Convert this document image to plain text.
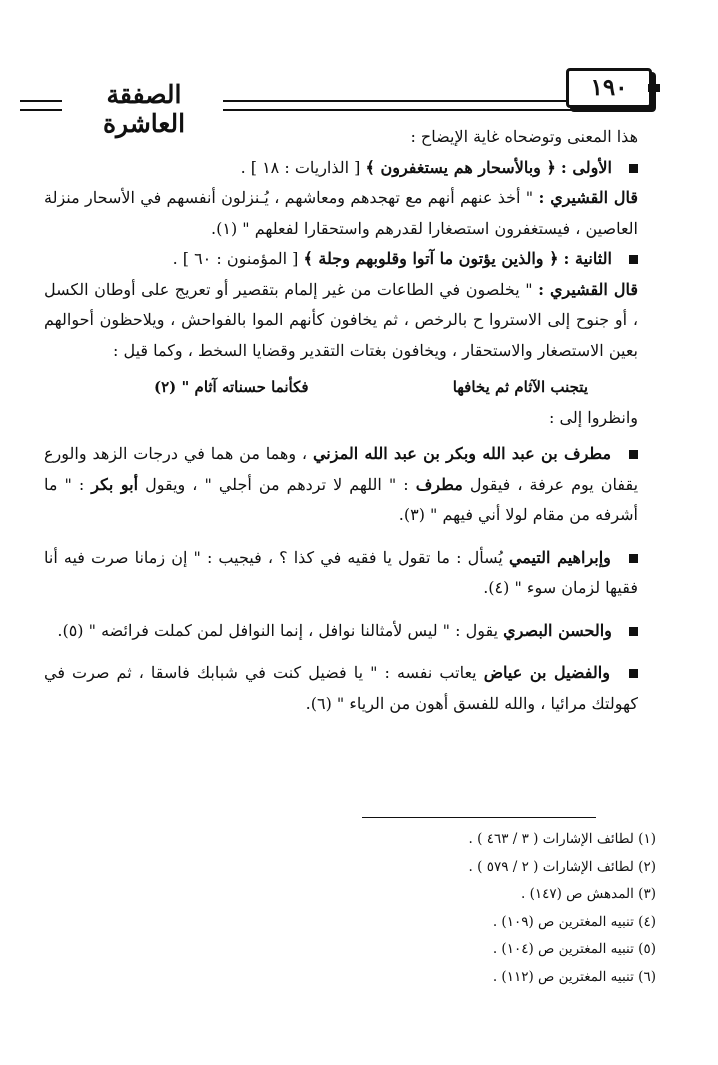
الصفقة العاشرة
١٩٠

هذا المعنى وتوضحاه غاية الإيضاح :

الأولى : ﴿ وبالأسحار هم يستغفرون ﴾ [ الذاريات : ١٨ ] .

قال القشيري : " أخذ عنهم أنهم مع تهجدهم ومعاشهم ، يُـنزلون أنفسهم في الأسحار منزلة العاصين ، فيستغفرون استصغارا لقدرهم واستحقارا لفعلهم " (١).

الثانية : ﴿ والذين يؤتون ما آتوا وقلوبهم وجلة ﴾ [ المؤمنون : ٦٠ ] .

قال القشيري : " يخلصون في الطاعات من غير إلمام بتقصير أو تعريج على أوطان الكسل ، أو جنوح إلى الاستروا ح بالرخص ، ثم يخافون كأنهم الموا بالفواحش ، ويلاحظون أحوالهم بعين الاستصغار والاستحقار ، ويخافون بغتات التقدير وقضايا السخط ، وكما قيل :

يتجنب الآثام ثم يخافها
فكأنما حسناته آثام " (٢)

وانظروا إلى :

مطرف بن عبد الله وبكر بن عبد الله المزني ، وهما من هما في درجات الزهد والورع يقفان يوم عرفة ، فيقول مطرف : " اللهم لا تردهم من أجلي " ، ويقول أبو بكر : " ما أشرفه من مقام لولا أني فيهم " (٣).

وإبراهيم التيمي يُسأل : ما تقول يا فقيه في كذا ؟ ، فيجيب : " إن زمانا صرت فيه أنا فقيها لزمان سوء " (٤).

والحسن البصري يقول : " ليس لأمثالنا نوافل ، إنما النوافل لمن كملت فرائضه " (٥).

والفضيل بن عياض يعاتب نفسه : " يا فضيل كنت في شبابك فاسقا ، ثم صرت في كهولتك مرائيا ، والله للفسق أهون من الرياء " (٦).

(١) لطائف الإشارات ( ٣ / ٤٦٣ ) .

(٢) لطائف الإشارات ( ٢ / ٥٧٩ ) .

(٣) المدهش ص (١٤٧) .

(٤) تنبيه المغترين ص (١٠٩) .

(٥) تنبيه المغترين ص (١٠٤) .

(٦) تنبيه المغترين ص (١١٢) .
